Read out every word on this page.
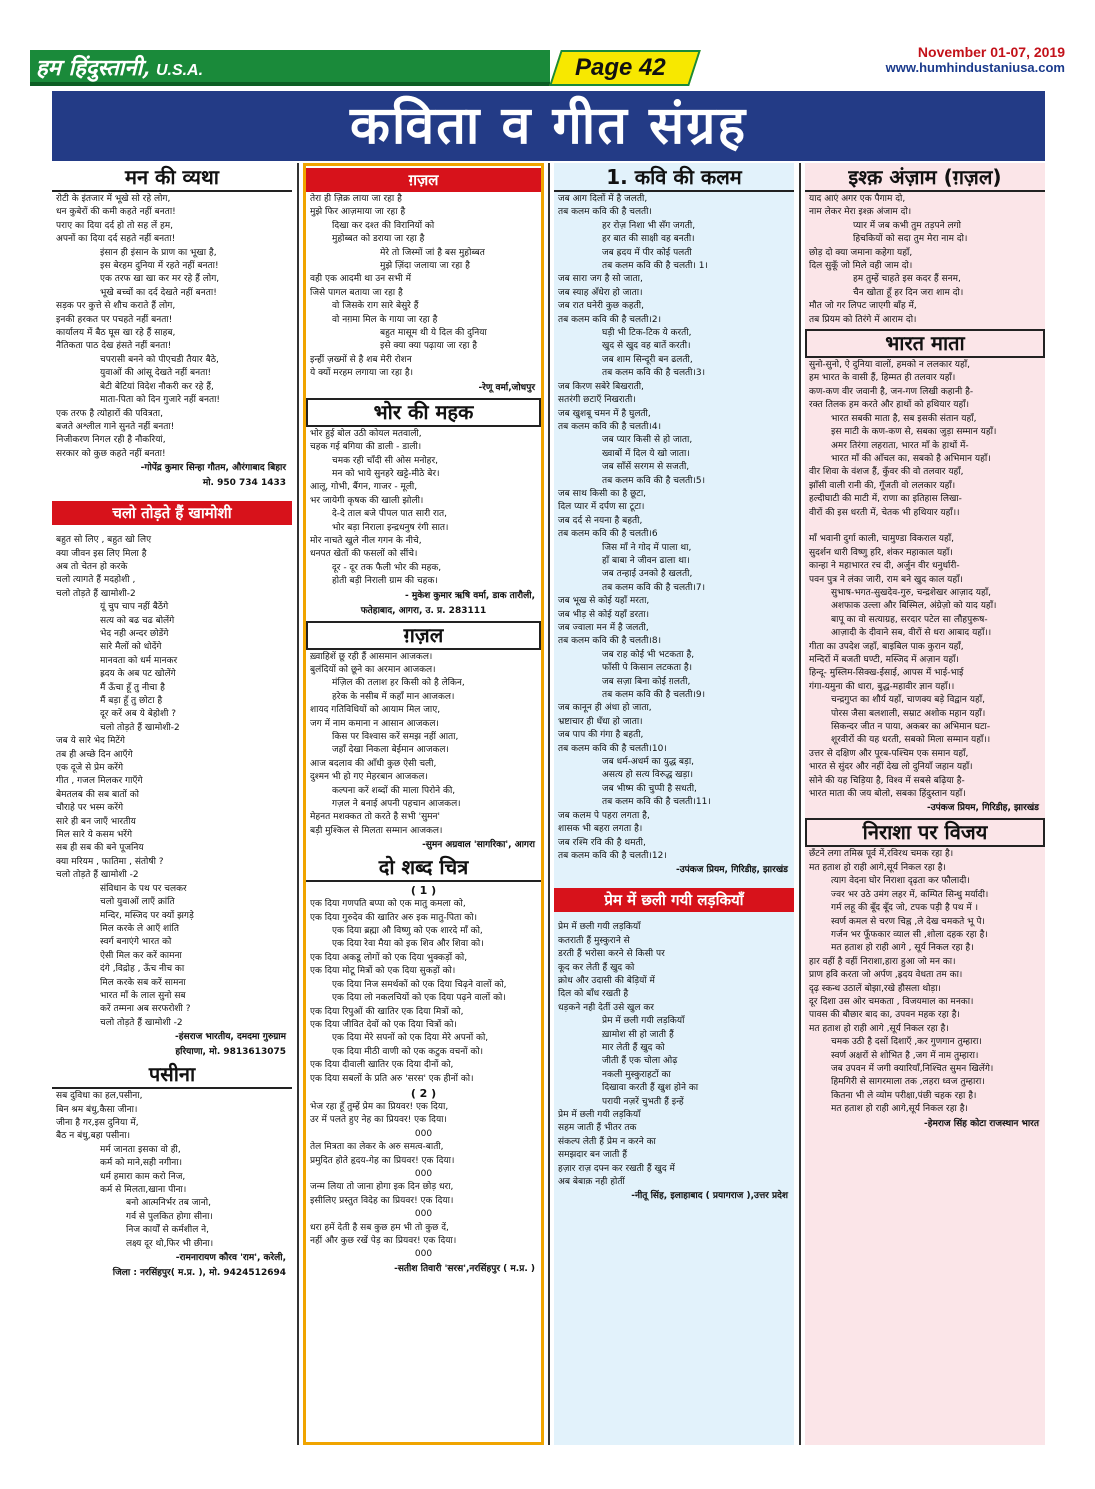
हम हिंदुस्तानी, U.S.A.	Page 42
November 01-07, 2019
www.humhindustaniusa.com
कविता व गीत संग्रह
मन की व्यथा
रोटी के इंतजार में भूखे सो रहे लोग,
धन कुबेरों की कमी कहते नहीं बनता!
पराए का दिया दर्द हो तो सह लें हम,
अपनों का दिया दर्द सहते नहीं बनता!
इंसान ही इंसान के प्राण का भूखा है,
इस बेरहम दुनिया में रहते नहीं बनता!
एक तरफ खा खा कर मर रहे हैं लोग,
भूखे बच्चों का दर्द देखते नहीं बनता!
सड़क पर कुत्ते से शौच कराते हैं लोग,
इनकी हरकत पर पचहते नहीं बनता!
कार्यालय में बैठ घूस खा रहे हैं साहब,
नैतिकता पाठ देख हंसते नहीं बनता!
चपरासी बनने को पीएचडी तैयार बैठे,
युवाओं की आंसू देखते नहीं बनता!
बेटी बेटियां विदेश नौकरी कर रहे हैं,
माता-पिता को दिन गुजारे नहीं बनता!
एक तरफ है त्योहारों की पवित्रता,
बजते अश्लील गाने सुनते नहीं बनता!
निजीकरण निगल रही है नौकरियां,
सरकार को कुछ कहते नहीं बनता!
-गोपेंद्र कुमार सिन्हा गौतम, औरंगाबाद बिहार
मो. 950 734 1433
चलो तोड़ते हैं खामोशी
बहुत सो लिए , बहुत खो लिए
क्या जीवन इस लिए मिला है
अब तो चेतन हो करके
चलो त्यागते हैं मदहोशी ,
चलो तोड़ते हैं खामोशी-2
यूं चुप चाप नहीं बैठेंगे
सत्य को बढ चढ बोलेंगे
भेद नही अन्दर छोडेंगे
सारे मैलों को धोदेंगे
मानवता को धर्म मानकर
ह्रदय के अब पट खोलेंगे
मैं ऊँचा हूँ तु नीचा है
मैं बड़ा हूँ तु छोटा है
दूर करें अब ये बेहोशी ?
चलो तोड़ते हैं खामोशी-2
जब ये सारे भेद मिटेंगे
तब ही अच्छे दिन आएँगे
एक दूजे से प्रेम करेंगे
गीत , गजल मिलकर गाएँगे
बेमतलब की सब बातों को
चौराहे पर भस्म करेंगे
सारे ही बन जाएँ भारतीय
मिल सारे ये कसम भरेंगे
सब ही सब की बने पूजनिय
क्या मरियम , फातिमा , संतोषी ?
चलो तोड़ते हैं खामोशी -2
संविधान के पथ पर चलकर
चलो युवाओं लाएँ क्रांति
मन्दिर, मस्जिद पर क्यों झगड़े
मिल करके ले आएँ शांति
स्वर्ग बनाएंगे भारत को
ऐसी मिल कर करें कामना
दंगे ,विद्रोह , ऊँच नीच का
मिल करके सब करें सामना
भारत माँ के लाल सुनो सब
करें तम्मना अब सरफरोशी ?
चलो तोड़ते हैं खामोशी -2
-हंसराज भारतीय, दमदमा गुरुग्राम
हरियाणा, मो. 9813613075
पसीना
सब दुविधा का हल,पसीना,
बिन श्रम बंधु,कैसा जीना।
जीना है गर,इस दुनिया में,
बैठ न बंधु,बहा पसीना।
मर्म जानता इसका वो ही,
कर्म को माने,सही नगीना।
धर्म हमारा काम करो निज,
कर्म से मिलता,खाना पीना।
बनो आत्मनिर्भर तब जानो,
गर्व से पुलकित होगा सीना।
निज कार्यों से कर्मशील ने,
लक्ष्य दूर थो,फिर भी छीना।
-रामनारायण कौरव 'राम', करेली,
जिला : नरसिंहपुर( म.प्र. ), मो. 9424512694
ग़ज़ल
तेरा ही ज़िक्र लाया जा रहा है
मुझे फिर आज़माया जा रहा है
दिखा कर दश्त की विरानियों को
मुहोब्बत को डराया जा रहा है
मेरे तो जिस्मों जां है बस मुहोब्बत
मुझे ज़िंदा जलाया जा रहा है
वही एक आदमी था उन सभी में
जिसे पागल बताया जा रहा है
वो जिसके राग सारे बेसुरे हैं
वो नग़मा मिल के गाया जा रहा है
बहुत मासूम थी ये दिल की दुनिया
इसे क्या क्या पढ़ाया जा रहा है
इन्हीं ज़ख्मों से है शब मेरी रोशन
ये क्यों मरहम लगाया जा रहा है।
-रेणू वर्मा,जोधपुर
भोर की महक
भोर हुई बोल उठी कोयल मतवाली,
चहक गई बगिया की डाली - डाली।
चमक रही चाँदी सी ओस मनोहर,
मन को भाये सुनहरे खट्टे-मीठे बेर।
आलू, गोभी, बैंगन, गाजर - मूली,
भर जायेगी कृषक की खाली झोली।
दे-दे ताल बजे पीपल पात सारी रात,
भोर बड़ा निराला इन्द्रधनुष रंगी सात।
मोर नाचते खुले नील गगन के नीचे,
धनपत खेतों की फसलों को सींचे।
दूर - दूर तक फैली भोर की महक,
होती बड़ी निराली ग्राम की चहक।
- मुकेश कुमार ऋषि वर्मा, डाक तारौली,
फतेहाबाद, आगरा, उ. प्र. 283111
ग़ज़ल
ख़्वाहिशें छू रही हैं आसमान आजकल।
बुलंदियों को छूने का अरमान आजकल।
मंज़िल की तलाश हर किसी को है लेकिन,
हरेक के नसीब में कहाँ मान आजकल।
शायद गतिविधियों को आयाम मिल जाए,
जग में नाम कमाना न आसान आजकल।
किस पर विश्वास करें समझ नहीं आता,
जहाँ देखा निकला बेईमान आजकल।
आज बदलाव की आँधी कुछ ऐसी चली,
दुश्मन भी हो गए मेहरबान आजकल।
कल्पना करें शब्दों की माला पिरोने की,
गज़ल ने बनाई अपनी पहचान आजकल।
मेहनत मशक्कत तो करते है सभी 'सुमन'
बड़ी मुश्किल से मिलता सम्मान आजकल।
-सुमन अग्रवाल 'सागरिका', आगरा
दो शब्द चित्र
( 1 )
एक दिया गणपति बप्पा को एक मातु कमला को,
एक दिया गुरुदेव की खातिर अरु इक मातु-पिता को।
एक दिया ब्रह्मा औ विष्णु को एक शारदे माँ को,
एक दिया रेवा मैया को इक शिव और शिवा को।
एक दिया अकडू लोगों को एक दिया भुक्कड़ों को,
एक दिया मोटू मित्रों को एक दिया सुकड़ों को।
एक दिया निज समर्थकों को एक दिया चिढ़ने वालों को,
एक दिया लो नकलचियों को एक दिया पढ़ने वालों को।
एक दिया रिपुओं की खातिर एक दिया मित्रों को,
एक दिया जीवित देवों को एक दिया चित्रों को।
एक दिया मेरे सपनों को एक दिया मेरे अपनों को,
एक दिया मीठी वाणी को एक कटुक वचनों को।
एक दिया दीवाली खातिर एक दिया दीनों को,
एक दिया सबलों के प्रति अरु 'सरस' एक हीनों को।
( 2 )
भेज रहा हूँ तुम्हें प्रेम का प्रियवर! एक दिया,
उर में पलते हुए नेह का प्रियवर! एक दिया।
000
तेल मित्रता का लेकर के अरु समत्व-बाती,
प्रमुदित होते हृदय-गेह का प्रियवर! एक दिया।
000
जन्म लिया तो जाना होगा इक दिन छोड़ धरा,
इसीलिए प्रस्तुत विदेह का प्रियवर! एक दिया।
000
धरा हमें देती है सब कुछ हम भी तो कुछ दें,
नहीं और कुछ रखें पेड़ का प्रियवर! एक दिया।
000
-सतीश तिवारी 'सरस',नरसिंहपुर ( म.प्र. )
1. कवि की कलम
जब आग दिलों में है जलती,
तब कलम कवि की है चलती।
हर रोज़ निशा भी सँग जगती,
हर बात की साक्षी वह बनती।
जब ह्रदय में पीर कोई पलती
तब कलम कवि की है चलती। 1।
जब सारा जग है सो जाता,
जब स्याह अँधेरा हो जाता।
जब रात घनेरी कुछ कहती,
तब कलम कवि की है चलती।2।
घड़ी भी टिक-टिक ये करती,
खुद से खुद वह बातें करती।
जब शाम सिन्दूरी बन ढलती,
तब कलम कवि की है चलती।3।
जब किरण सबेरे बिखराती,
सतरंगी छटाएँ निखराती।
जब खुशबू चमन में है घुलती,
तब कलम कवि की है चलती।4।
जब प्यार किसी से हो जाता,
ख्वाबों में दिल ये खो जाता।
जब साँसें सरगम से सजती,
तब कलम कवि की है चलती।5।
जब साथ किसी का है छूटा,
दिल प्यार में दर्पण सा टूटा।
जब दर्द से नयना है बहती,
तब कलम कवि की है चलती।6
जिस माँ ने गोद में पाला था,
हाँ बाबा ने जीवन ढाला था।
जब तन्हाई उनको है खलती,
तब कलम कवि की है चलती।7।
जब भूख से कोई यहाँ मरता,
जब भीड़ से कोई यहाँ डरता।
जब ज्वाला मन में है जलती,
तब कलम कवि की है चलती।8।
जब राह कोई भी भटकता है,
फाँसी पे किसान लटकता है।
जब सज़ा बिना कोई ग़लती,
तब कलम कवि की है चलती।9।
जब कानून ही अंधा हो जाता,
भ्रष्टाचार ही धँधा हो जाता।
जब पाप की गंगा है बहती,
तब कलम कवि की है चलती।10।
जब धर्म-अधर्म का युद्ध बड़ा,
असत्य हो सत्य विरुद्ध खड़ा।
जब भीष्म की चुप्पी है सधती,
तब कलम कवि की है चलती।11।
जब कलम पे पहरा लगता है,
शासक भी बहरा लगता है।
जब रश्मि रवि की है थमती,
तब कलम कवि की है चलती।12।
-उपंकज प्रियम, गिरिडीह, झारखंड
प्रेम में छली गयी लड़कियाँ
प्रेम में छली गयी लड़कियाँ
कतराती हैं मुस्कुराने से
डरती हैं भरोसा करने से किसी पर
कूद कर लेती हैं खुद को
क्रोध और उदासी की बेड़ियों में
दिल को बाँध रखती है
धड़कने नही देतीं उसे खुल कर
प्रेम में छली गयी लड़कियाँ
ख़ामोश सी हो जाती हैं
मार लेती हैं खुद को
जीती हैं एक चोला ओढ़
नकली मुस्कुराहटों का
दिखावा करती हैं खुश होने का
परायी नज़रें चुभती हैं इन्हें
प्रेम में छली गयी लड़कियाँ
सहम जाती हैं भीतर तक
संकल्प लेती हैं प्रेम न करने का
समझदार बन जाती हैं
हज़ार राज़ दफ्न कर रखती हैं खुद में
अब बेबाक़ नही होतीं
-नीतू सिंह, इलाहाबाद ( प्रयागराज ),उत्तर प्रदेश
इश्क़ अंज़ाम (ग़ज़ल)
याद आएं अगर एक पैगाम दो,
नाम लेकर मेरा इश्क़ अंजाम दो।
प्यार में जब कभी तुम तड़पने लगो
हिचकियों को सदा तुम मेरा नाम दो।
छोड़ दो क्या जमाना कहेगा यहाँ,
दिल सुकूँ जो मिले वही जाम दो।
हम तुम्हें चाहते इस कदर हैं सनम,
चैन खोता हूँ हर दिन जरा शाम दो।
मौत जो गर लिपट जाएगी बाँह में,
तब प्रियम को तिरंगे में आराम दो।
भारत माता
सुनो-सुनो, ऐ दुनिया वालों, हमको न ललकार यहाँ,
हम भारत के वासी हैं, हिम्मत ही तलवार यहाँ।
कण-कण वीर जवानी है, जन-गण लिखी कहानी है-
रक्त तिलक हम करते और हाथों को हथियार यहाँ।
भारत सबकी माता है, सब इसकी संतान यहाँ,
इस माटी के कण-कण से, सबका जुड़ा सम्मान यहाँ।
अमर तिरंगा लहराता, भारत माँ के हाथों में-
भारत माँ की आँचल का, सबको है अभिमान यहाँ।
वीर शिवा के वंशज हैं, कुँवर की वो तलवार यहाँ,
झाँसी वाली रानी की, गूँजती वो ललकार यहाँ।
हल्दीघाटी की माटी में, राणा का इतिहास लिखा-
वीरों की इस धरती में, चेतक भी हथियार यहाँ।।

माँ भवानी दुर्गा काली, चामुण्डा विकराल यहाँ,
सुदर्शन धारी विष्णु हरि, शंकर महाकाल यहाँ।
कान्हा ने महाभारत रच दी, अर्जुन वीर धनुर्धारी-
पवन पुत्र ने लंका जारी, राम बने खुद काल यहाँ।
सुभाष-भगत-सुखदेव-गुरु, चन्द्रशेखर आज़ाद यहाँ,
अशफाक उल्ला और बिस्मिल, अंग्रेज़ो को याद यहाँ।
बापू का वो सत्याग्रह, सरदार पटेल सा लौहपुरूष-
आज़ादी के दीवाने सब, वीरों से धरा आबाद यहाँ।।
गीता का उपदेश जहाँ, बाइबिल पाक कुरान यहाँ,
मन्दिरों में बजती घण्टी, मस्जिद में अज़ान यहाँ।
हिन्दू- मुस्लिम-सिक्ख-ईसाई, आपस में भाई-भाई
गंगा-यमुना की धारा, बुद्ध-महावीर ज्ञान यहाँ।।
चन्द्रगुप्त का शौर्य यहाँ, चाणक्य बड़े विद्वान यहाँ,
पोरस जैसा बलशाली, सम्राट अशोक महान यहाँ।
सिकन्दर जीत न पाया, अकबर का अभिमान घटा-
शूरवीरों की यह धरती, सबको मिला सम्मान यहाँ।।
उत्तर से दक्षिण और पूरब-पश्चिम एक समान यहाँ,
भारत से सुंदर और नहीं देख लो दुनियाँ जहान यहाँ।
सोने की यह चिड़िया है, विश्व में सबसे बढ़िया है-
भारत माता की जय बोलो, सबका हिंदुस्तान यहाँ।
-उपंकज प्रियम, गिरिडीह, झारखंड
निराशा पर विजय
छँटने लगा तमिस्र पूर्व में,रविरथ चमक रहा है।
मत हताश हो राही आगे,सूर्य निकल रहा है।
त्याग वेदना घोर निराशा दृढ़ता कर फौलादी।
ज्वर भर उठे उमंग लहर में, कम्पित सिन्धु मर्यादी।
गर्म लहू की बूँद बूँद जो, टपक पड़ी है पथ में ।
स्वर्ण कमल से चरण चिह्न ,ले देख चमकते भू पे।
गर्जन भर फूँफकार व्याल सी ,शोला दहक रहा है।
मत हताश हो राही आगे , सूर्य निकल रहा है।
हार वहीं है वहीं निराशा,हारा हुआ जो मन का।
प्राण हवि करता जो अर्पण ,ह्रदय वेधता तम का।
दृढ़ स्कन्ध उठालें बोझा,रखे हौसला थोड़ा।
दूर दिशा उस ओर चमकता , विजयमाल का मनका।
पावस की बौछार बाद का, उपवन महक रहा है।
मत हताश हो राही आगे ,सूर्य निकल रहा है।
चमक उठी है दसों दिशाएँ ,कर गुणगान तुम्हारा।
स्वर्ण अक्षरों से शोभित है ,जग में नाम तुम्हारा।
जब उपवन में जगी क्यारियाँ,निश्चित सुमन खिलेंगे।
हिमगिरी से सागरमाला तक ,लहरा ध्वज तुम्हारा।
कितना भी ले व्योम परीक्षा,पंछी चहक रहा है।
मत हताश हो राही आगे,सूर्य निकल रहा है।
-हेमराज सिंह कोटा राजस्थान भारत
